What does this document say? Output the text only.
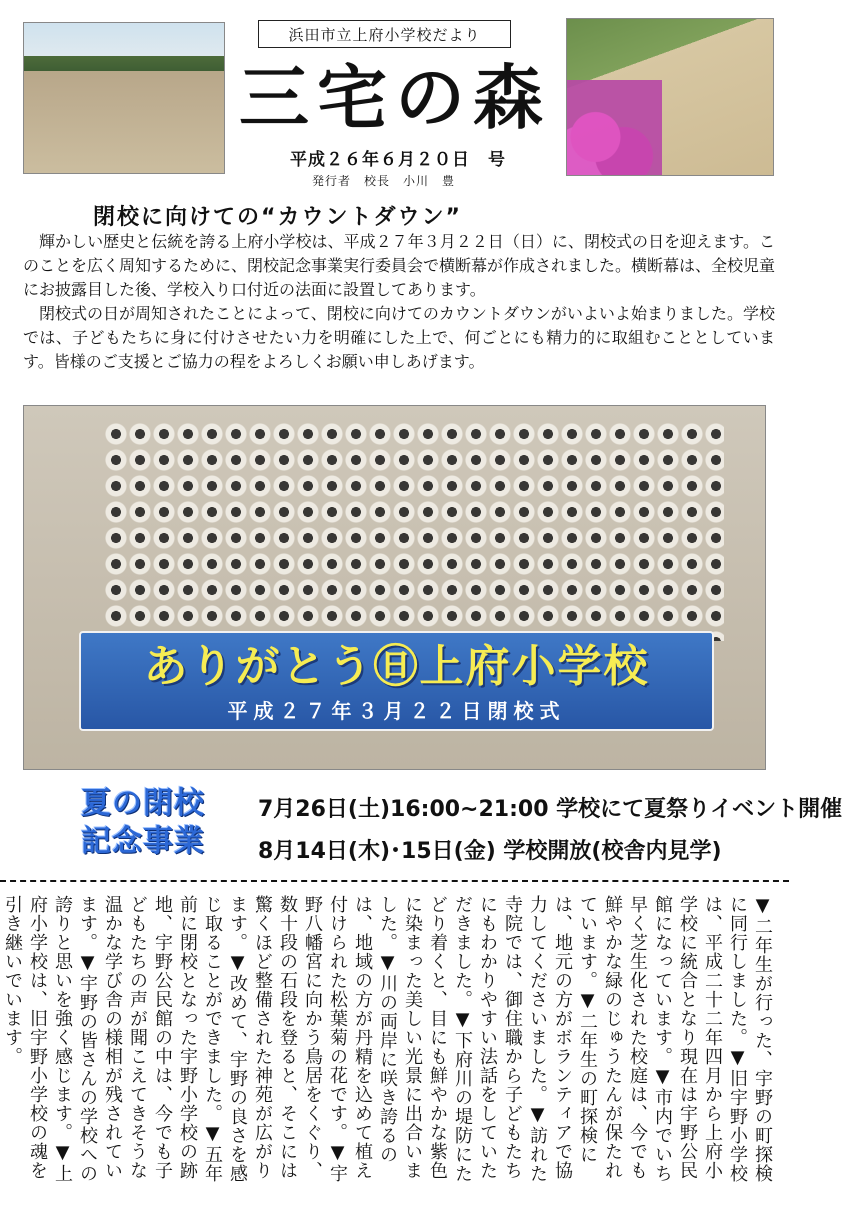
浜田市立上府小学校だより
三宅の森
平成２６年６月２０日　号
発行者　校長　小川　豊
閉校に向けての“カウントダウン”

輝かしい歴史と伝統を誇る上府小学校は、平成２７年３月２２日（日）に、閉校式の日を迎えます。このことを広く周知するために、閉校記念事業実行委員会で横断幕が作成されました。横断幕は、全校児童にお披露目した後、学校入り口付近の法面に設置してあります。

閉校式の日が周知されたことによって、閉校に向けてのカウントダウンがいよいよ始まりました。学校では、子どもたちに身に付けさせたい力を明確にした上で、何ごとにも精力的に取組むこととしています。皆様のご支援とご協力の程をよろしくお願い申しあげます。

ありがとう㊐上府小学校
平成２７年３月２２日閉校式
夏の閉校
記念事業
7月26日(土)16:00~21:00 学校にて夏祭りイベント開催
8月14日(木)･15日(金) 学校開放(校舎内見学)
▼二年生が行った、宇野の町探検に同行しました。▼旧宇野小学校は、平成二十二年四月から上府小学校に統合となり現在は宇野公民館になっています。▼市内でいち早く芝生化された校庭は、今でも鮮やかな緑のじゅうたんが保たれています。▼二年生の町探検には、地元の方がボランティアで協力してくださいました。▼訪れた寺院では、御住職から子どもたちにもわかりやすい法話をしていただきました。▼下府川の堤防にたどり着くと、目にも鮮やかな紫色に染まった美しい光景に出合いました。▼川の両岸に咲き誇るのは、地域の方が丹精を込めて植え付けられた松葉菊の花です。▼宇野八幡宮に向かう鳥居をくぐり、数十段の石段を登ると、そこには驚くほど整備された神苑が広がります。▼改めて、宇野の良さを感じ取ることができました。▼五年前に閉校となった宇野小学校の跡地、宇野公民館の中は、今でも子どもたちの声が聞こえてきそうな温かな学び舎の様相が残されています。▼宇野の皆さんの学校への誇りと思いを強く感じます。▼上府小学校は、旧宇野小学校の魂を引き継いでいます。
